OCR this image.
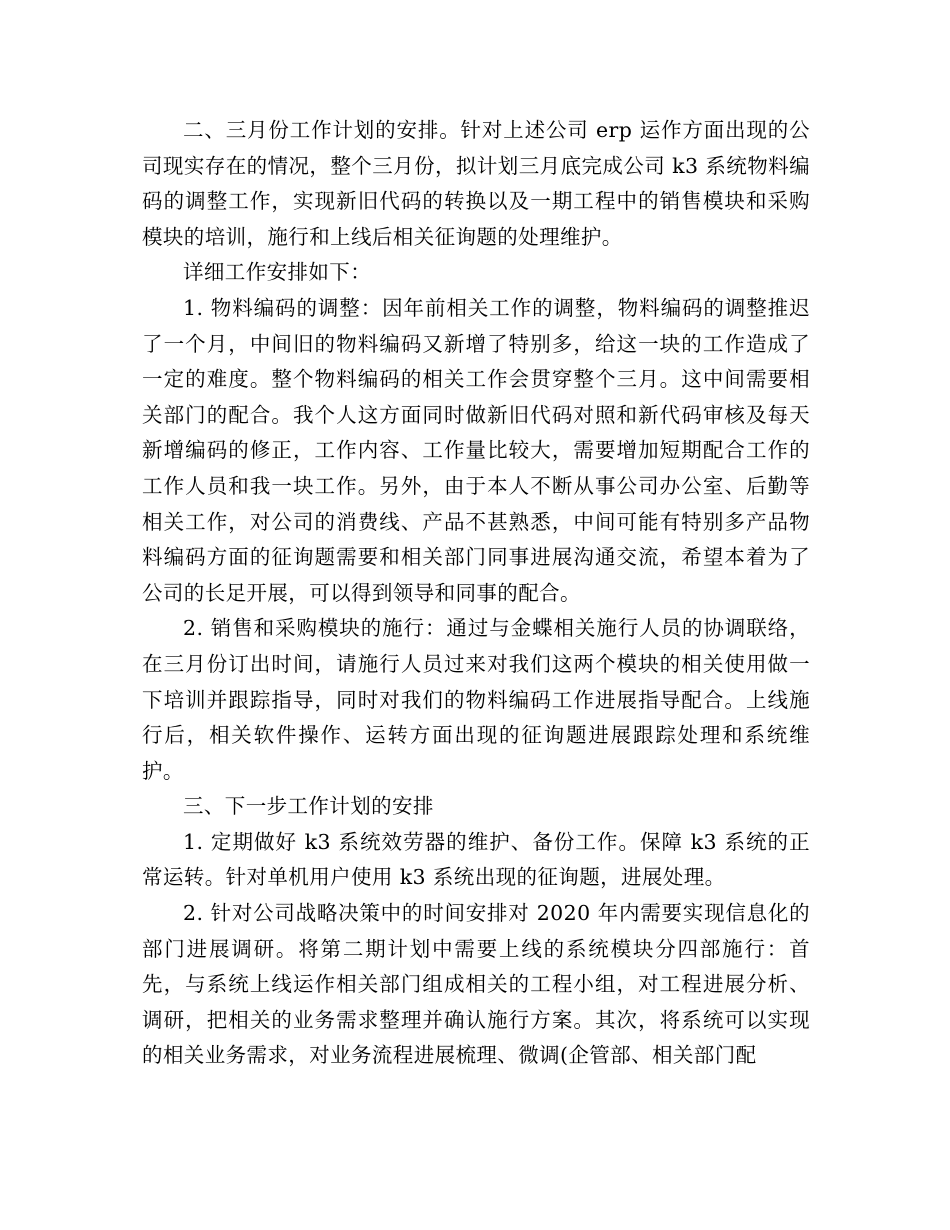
二、三月份工作计划的安排。针对上述公司 erp 运作方面出现的公司现实存在的情况，整个三月份，拟计划三月底完成公司 k3 系统物料编码的调整工作，实现新旧代码的转换以及一期工程中的销售模块和采购模块的培训，施行和上线后相关征询题的处理维护。

详细工作安排如下：

1. 物料编码的调整：因年前相关工作的调整，物料编码的调整推迟了一个月，中间旧的物料编码又新增了特别多，给这一块的工作造成了一定的难度。整个物料编码的相关工作会贯穿整个三月。这中间需要相关部门的配合。我个人这方面同时做新旧代码对照和新代码审核及每天新增编码的修正，工作内容、工作量比较大，需要增加短期配合工作的工作人员和我一块工作。另外，由于本人不断从事公司办公室、后勤等相关工作，对公司的消费线、产品不甚熟悉，中间可能有特别多产品物料编码方面的征询题需要和相关部门同事进展沟通交流，希望本着为了公司的长足开展，可以得到领导和同事的配合。

2. 销售和采购模块的施行：通过与金蝶相关施行人员的协调联络，在三月份订出时间，请施行人员过来对我们这两个模块的相关使用做一下培训并跟踪指导，同时对我们的物料编码工作进展指导配合。上线施行后，相关软件操作、运转方面出现的征询题进展跟踪处理和系统维护。

三、下一步工作计划的安排

1. 定期做好 k3 系统效劳器的维护、备份工作。保障 k3 系统的正常运转。针对单机用户使用 k3 系统出现的征询题，进展处理。

2. 针对公司战略决策中的时间安排对 2020 年内需要实现信息化的部门进展调研。将第二期计划中需要上线的系统模块分四部施行：首先，与系统上线运作相关部门组成相关的工程小组，对工程进展分析、调研，把相关的业务需求整理并确认施行方案。其次，将系统可以实现的相关业务需求，对业务流程进展梳理、微调(企管部、相关部门配
